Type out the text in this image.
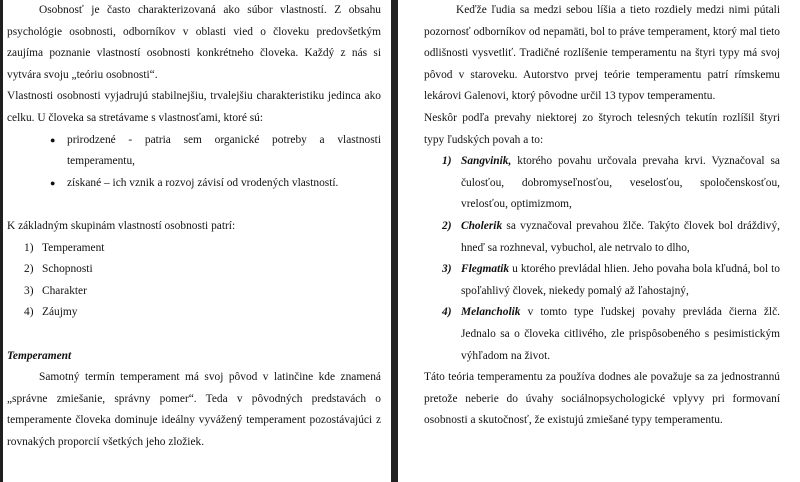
Osobnosť je často charakterizovaná ako súbor vlastností. Z obsahu psychológie osobnosti, odborníkov v oblasti vied o človeku predovšetkým zaujíma poznanie vlastností osobnosti konkrétneho človeka. Každý z nás si vytvára svoju „teóriu osobnosti“.

Vlastnosti osobnosti vyjadrujú stabilnejšiu, trvalejšiu charakteristiku jedinca ako celku. U človeka sa stretávame s vlastnosťami, ktoré sú:

● prirodzené - patria sem organické potreby a vlastnosti temperamentu,
● získané – ich vznik a rozvoj závisí od vrodených vlastností.

K základným skupinám vlastností osobnosti patrí:

1) Temperament
2) Schopnosti
3) Charakter
4) Záujmy

Temperament

Samotný termín temperament má svoj pôvod v latinčine kde znamená „správne zmiešanie, správny pomer“. Teda v pôvodných predstavách o temperamente človeka dominuje ideálny vyvážený temperament pozostávajúci z rovnakých proporcií všetkých jeho zložiek.

Keďže ľudia sa medzi sebou líšia a tieto rozdiely medzi nimi pútali pozornosť odborníkov od nepamäti, bol to práve temperament, ktorý mal tieto odlišnosti vysvetliť. Tradičné rozlíšenie temperamentu na štyri typy má svoj pôvod v staroveku. Autorstvo prvej teórie temperamentu patrí rímskemu lekárovi Galenovi, ktorý pôvodne určil 13 typov temperamentu.

Neskôr podľa prevahy niektorej zo štyroch telesných tekutín rozlíšil štyri typy ľudských povah a to:

1) Sangvinik, ktorého povahu určovala prevaha krvi. Vyznačoval sa čulosťou, dobromyseľnosťou, veselosťou, spoločenskosťou, vrelosťou, optimizmom,
2) Cholerik sa vyznačoval prevahou žlče. Takýto človek bol dráždivý, hneď sa rozhneval, vybuchol, ale netrvalo to dlho,
3) Flegmatik u ktorého prevládal hlien. Jeho povaha bola kľudná, bol to spoľahlivý človek, niekedy pomalý až ľahostajný,
4) Melancholik v tomto type ľudskej povahy prevláda čierna žlč. Jednalo sa o človeka citlivého, zle prispôsobeného s pesimistickým výhľadom na život.

Táto teória temperamentu za používa dodnes ale považuje sa za jednostrannú pretože neberie do úvahy sociálnopsychologické vplyvy pri formovaní osobnosti a skutočnosť, že existujú zmiešané typy temperamentu.
